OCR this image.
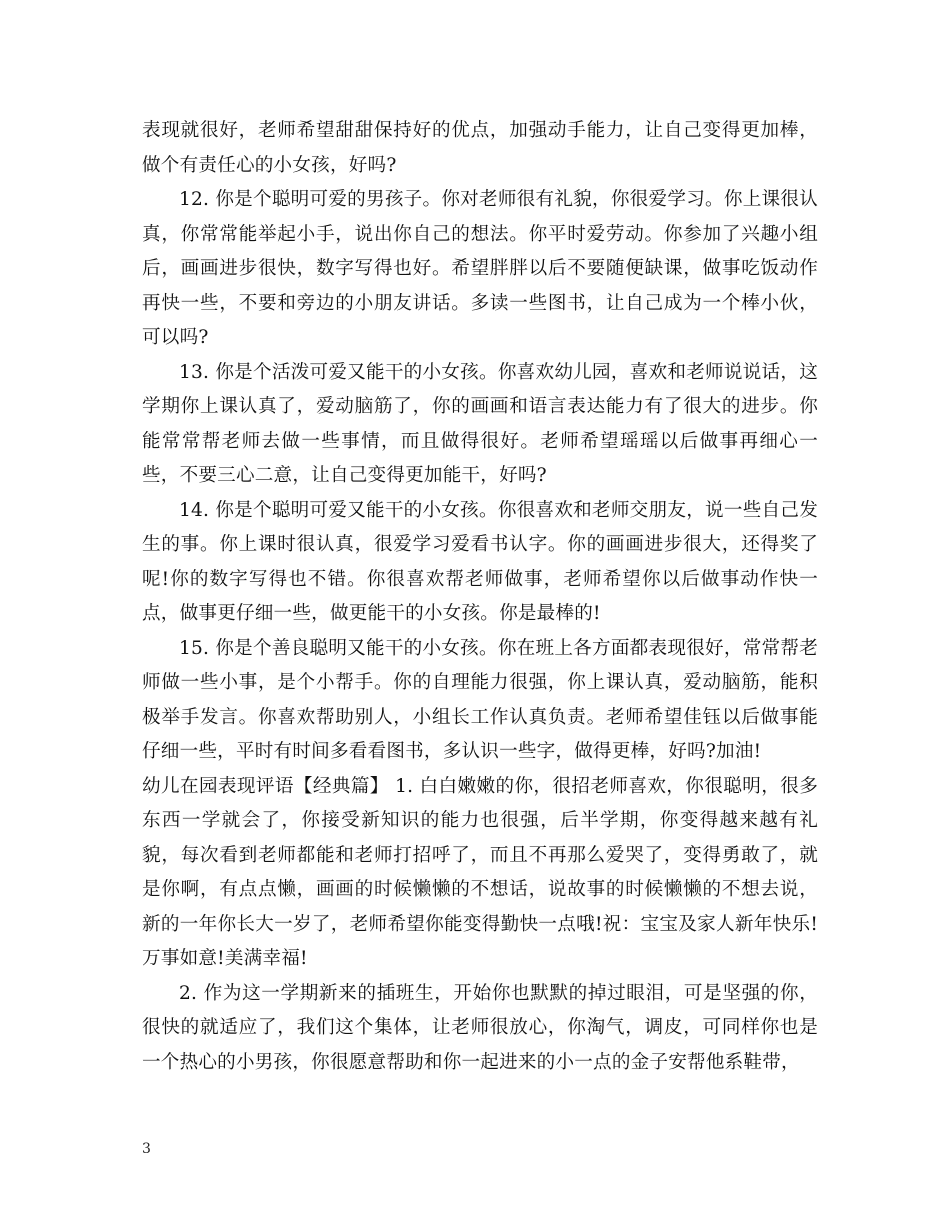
表现就很好，老师希望甜甜保持好的优点，加强动手能力，让自己变得更加棒，做个有责任心的小女孩，好吗?

12. 你是个聪明可爱的男孩子。你对老师很有礼貌，你很爱学习。你上课很认真，你常常能举起小手，说出你自己的想法。你平时爱劳动。你参加了兴趣小组后，画画进步很快，数字写得也好。希望胖胖以后不要随便缺课，做事吃饭动作再快一些，不要和旁边的小朋友讲话。多读一些图书，让自己成为一个棒小伙，可以吗?

13. 你是个活泼可爱又能干的小女孩。你喜欢幼儿园，喜欢和老师说说话，这学期你上课认真了，爱动脑筋了，你的画画和语言表达能力有了很大的进步。你能常常帮老师去做一些事情，而且做得很好。老师希望瑶瑶以后做事再细心一些，不要三心二意，让自己变得更加能干，好吗?

14. 你是个聪明可爱又能干的小女孩。你很喜欢和老师交朋友，说一些自己发生的事。你上课时很认真，很爱学习爱看书认字。你的画画进步很大，还得奖了呢!你的数字写得也不错。你很喜欢帮老师做事，老师希望你以后做事动作快一点，做事更仔细一些，做更能干的小女孩。你是最棒的!

15. 你是个善良聪明又能干的小女孩。你在班上各方面都表现很好，常常帮老师做一些小事，是个小帮手。你的自理能力很强，你上课认真，爱动脑筋，能积极举手发言。你喜欢帮助别人，小组长工作认真负责。老师希望佳钰以后做事能仔细一些，平时有时间多看看图书，多认识一些字，做得更棒，好吗?加油!

幼儿在园表现评语【经典篇】 1. 白白嫩嫩的你，很招老师喜欢，你很聪明，很多东西一学就会了，你接受新知识的能力也很强，后半学期，你变得越来越有礼貌，每次看到老师都能和老师打招呼了，而且不再那么爱哭了，变得勇敢了，就是你啊，有点点懒，画画的时候懒懒的不想话，说故事的时候懒懒的不想去说，新的一年你长大一岁了，老师希望你能变得勤快一点哦!祝：宝宝及家人新年快乐!万事如意!美满幸福!

2. 作为这一学期新来的插班生，开始你也默默的掉过眼泪，可是坚强的你，很快的就适应了，我们这个集体，让老师很放心，你淘气，调皮，可同样你也是一个热心的小男孩，你很愿意帮助和你一起进来的小一点的金子安帮他系鞋带，

3
